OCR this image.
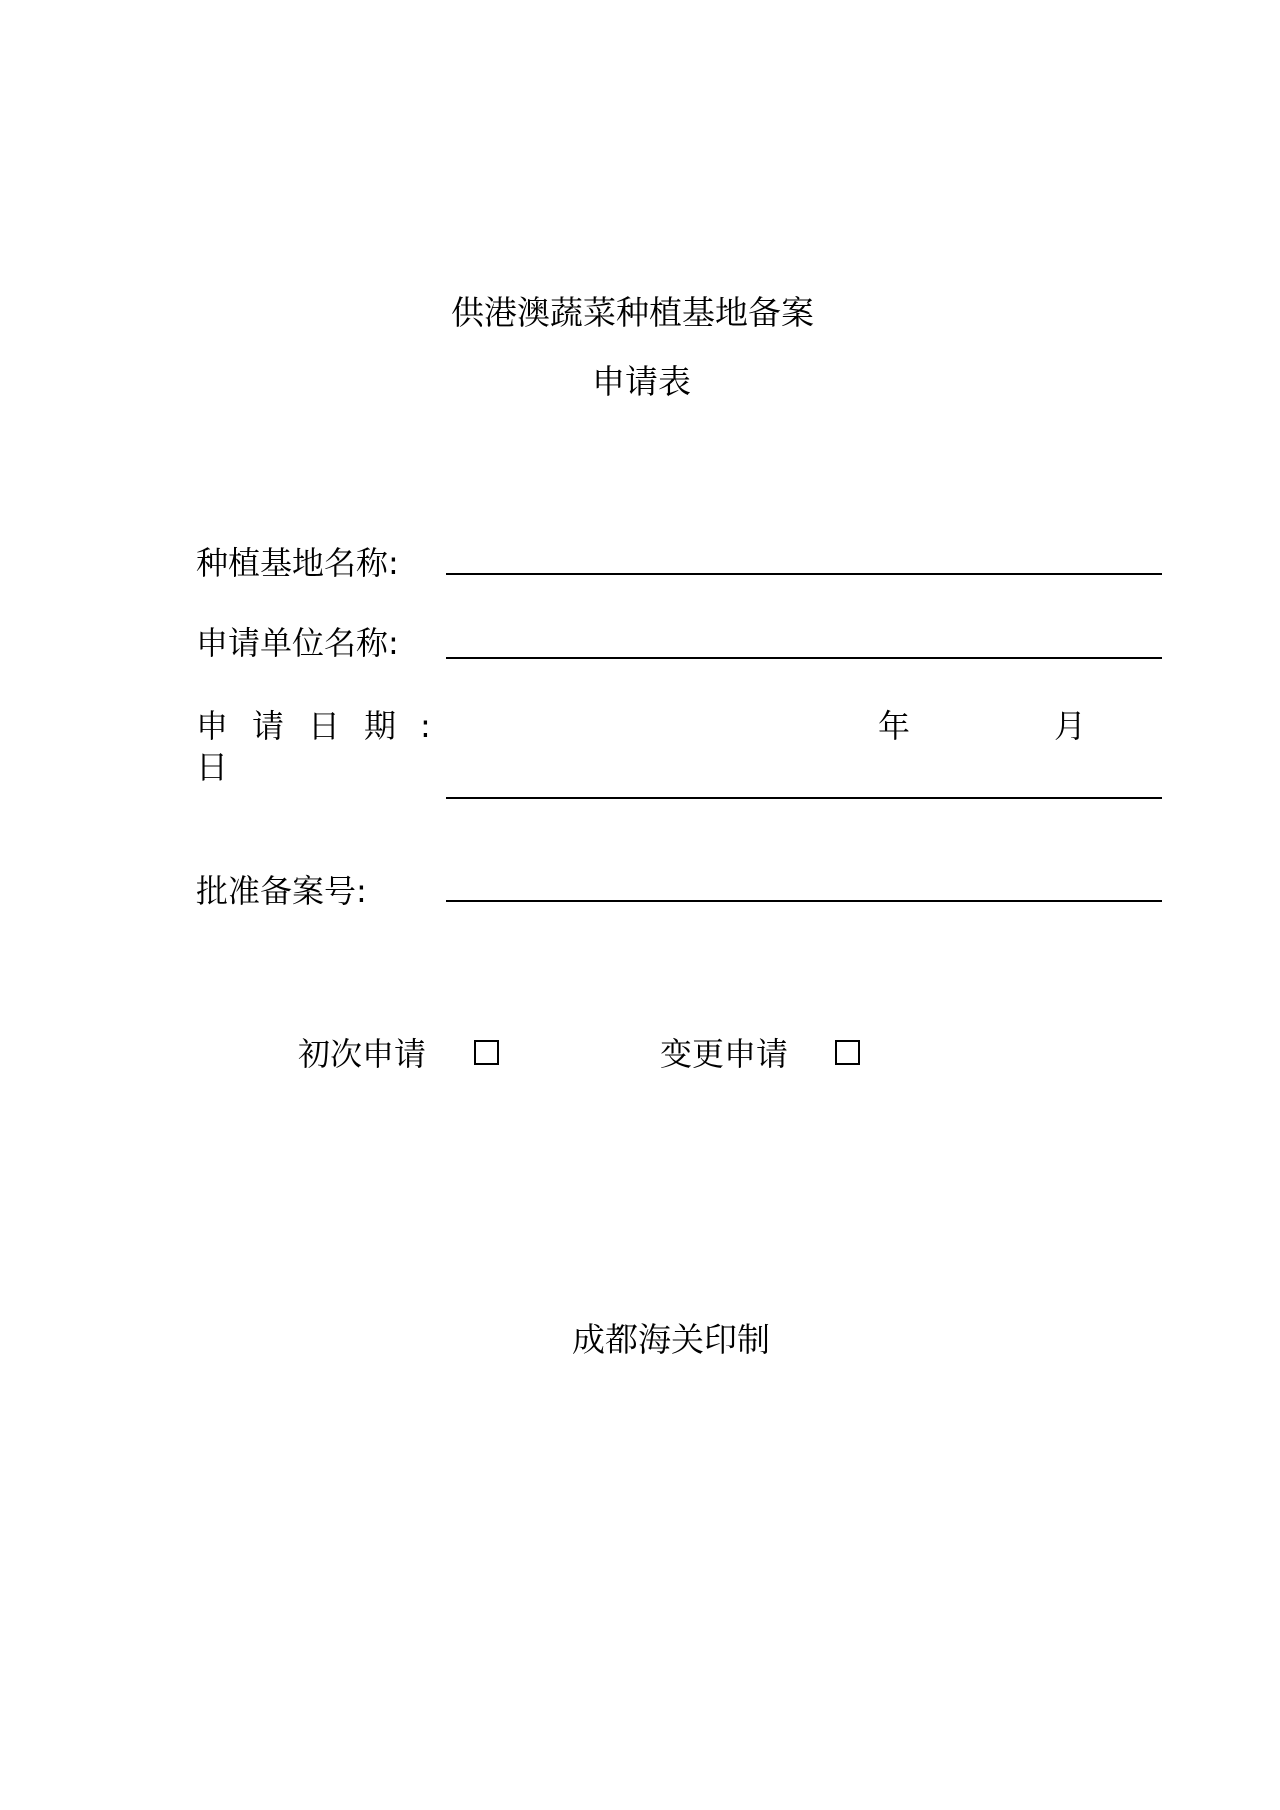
供港澳蔬菜种植基地备案
申请表
种植基地名称:
申请单位名称:
申请日期:	年	月
日
批准备案号:
初次申请	变更申请
成都海关印制
